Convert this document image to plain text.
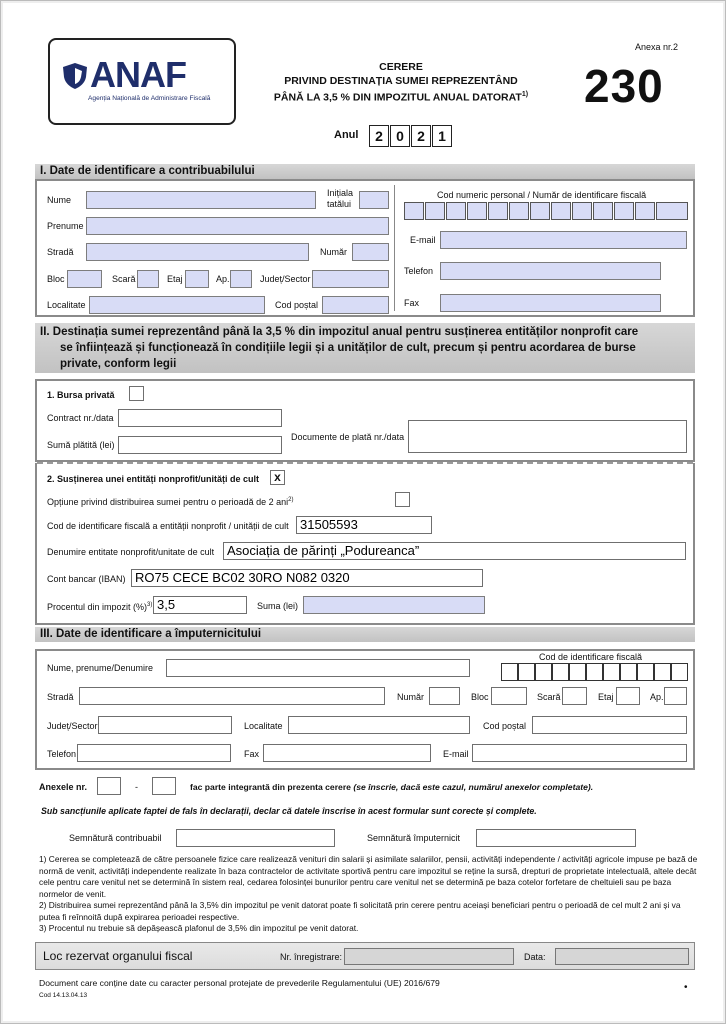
ANAF
Agenția Națională de Administrare Fiscală
CERERE
PRIVIND DESTINAȚIA SUMEI REPREZENTÂND
PÂNĂ LA 3,5 % DIN IMPOZITUL ANUAL DATORAT$^{1)}$
Anexa nr.2
230
Anul	2 0 2 1
I. Date de identificare a contribuabilului
Nume
Inițiala
tatălui
Prenume
Stradă	Număr
Bloc	Scară	Etaj	Ap.	Județ/Sector
Localitate	Cod poștal
Cod numeric personal / Număr de identificare fiscală
E-mail
Telefon
Fax
II. Destinația sumei reprezentând până la 3,5 % din impozitul anual pentru susținerea entităților nonprofit care
se înființează și funcționează în condițiile legii și a unităților de cult, precum și pentru acordarea de burse
private, conform legii
1. Bursa privată
Contract nr./data
Sumă plătită (lei)
Documente de plată nr./data
2. Susținerea unei entități nonprofit/unități de cult	x
Opțiune privind distribuirea sumei pentru o perioadă de 2 ani$^{2)}$
Cod de identificare fiscală a entității nonprofit / unității de cult 31505593
Denumire entitate nonprofit/unitate de cult Asociația de părinți „Podureanca”
Cont bancar (IBAN) RO75 CECE BC02 30RO N082 0320
Procentul din impozit (%)$^{3)}$ 3,5	Suma (lei)
III. Date de identificare a împuternicitului
Nume, prenume/Denumire
Cod de identificare fiscală
Stradă	Număr	Bloc	Scară	Etaj	Ap.
Județ/Sector	Localitate	Cod poștal
Telefon	Fax	E-mail
Anexele nr.	-	fac parte integrantă din prezenta cerere (se înscrie, dacă este cazul, numărul anexelor completate).
Sub sancțiunile aplicate faptei de fals în declarații, declar că datele înscrise în acest formular sunt corecte și complete.
Semnătură contribuabil	Semnătură împuternicit
1) Cererea se completează de către persoanele fizice care realizează venituri din salarii și asimilate salariilor, pensii, activități independente / activități agricole impuse pe bază de normă de venit, activități independente realizate în baza contractelor de activitate sportivă pentru care impozitul se reține la sursă, drepturi de proprietate intelectuală, altele decât cele pentru care venitul net se determină în sistem real, cedarea folosinței bunurilor pentru care venitul net se determină pe baza cotelor forfetare de cheltuieli sau pe baza normelor de venit.
2) Distribuirea sumei reprezentând până la 3,5% din impozitul pe venit datorat poate fi solicitată prin cerere pentru aceiași beneficiari pentru o perioadă de cel mult 2 ani și va putea fi reînnoită după expirarea perioadei respective.
3) Procentul nu trebuie să depășească plafonul de 3,5% din impozitul pe venit datorat.
Loc rezervat organului fiscal	Nr. înregistrare:	Data:
Document care conține date cu caracter personal protejate de prevederile Regulamentului (UE) 2016/679
Cod 14.13.04.13
•
